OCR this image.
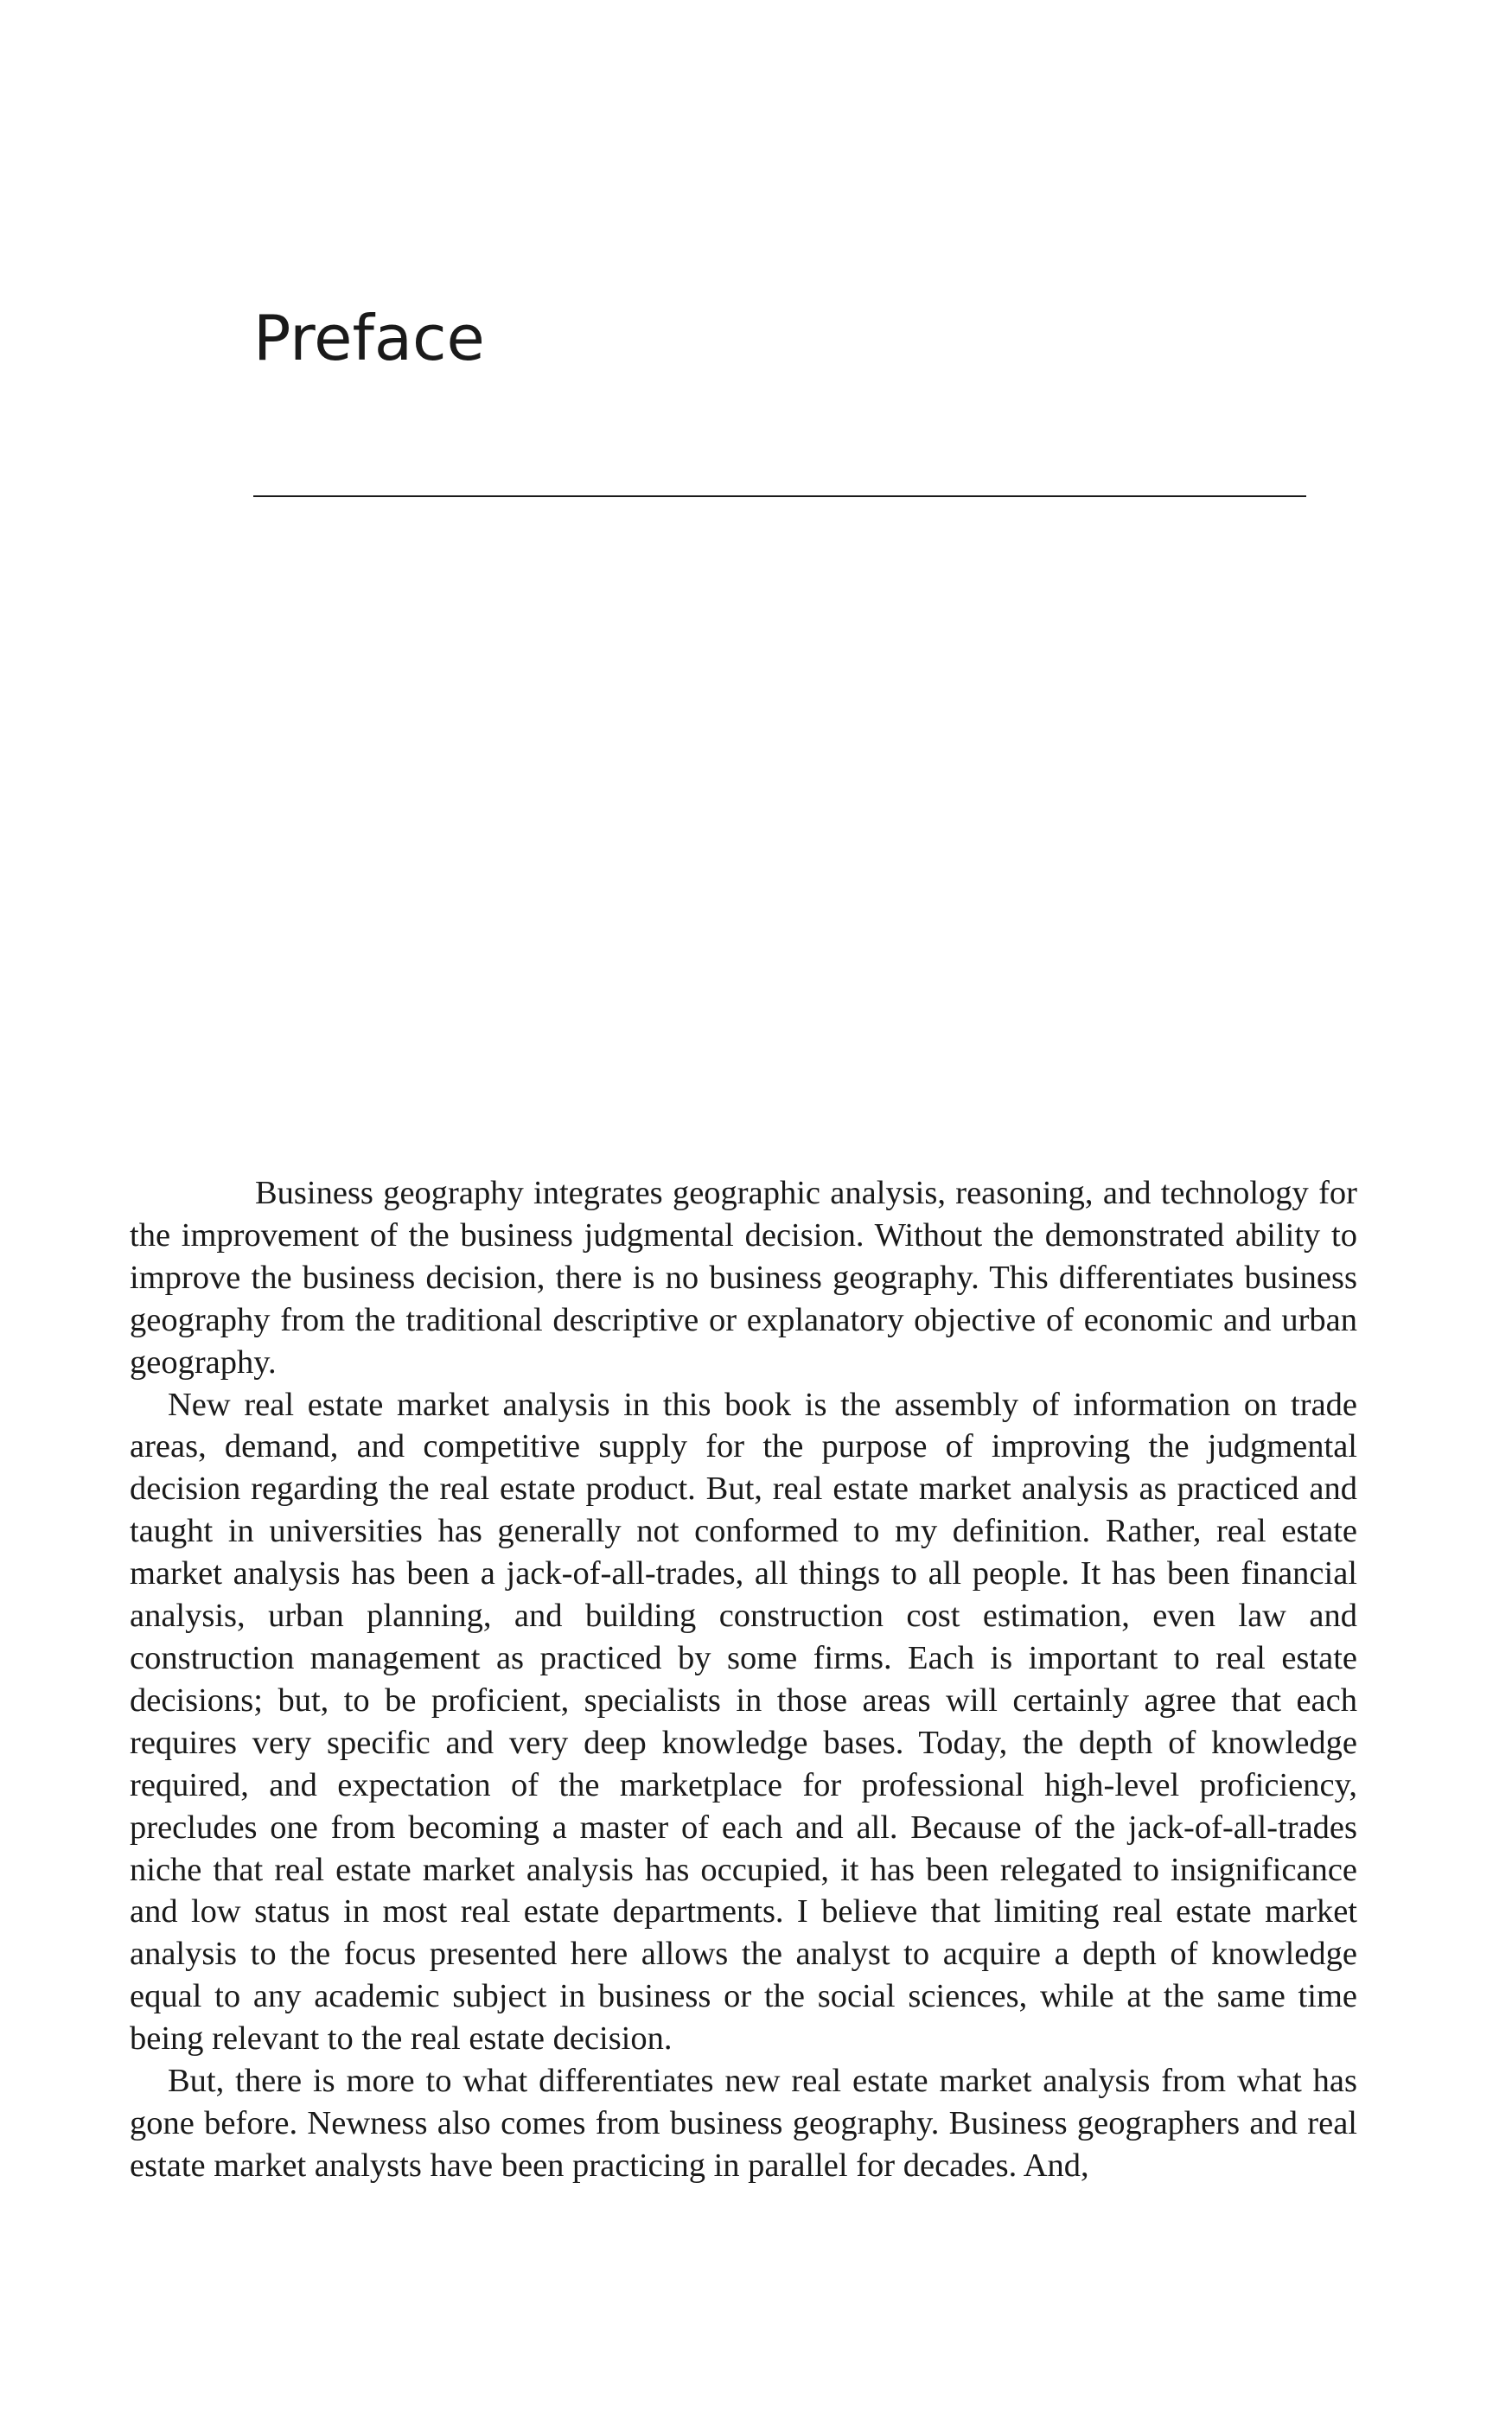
Preface

Business geography integrates geographic analysis, reasoning, and technology for the improvement of the business judgmental decision. Without the demonstrated ability to improve the business decision, there is no business geography. This differentiates business geography from the traditional descriptive or explanatory objective of economic and urban geography.

New real estate market analysis in this book is the assembly of information on trade areas, demand, and competitive supply for the purpose of improving the judgmental decision regarding the real estate product. But, real estate market analysis as practiced and taught in universities has generally not conformed to my definition. Rather, real estate market analysis has been a jack-of-all-trades, all things to all people. It has been financial analysis, urban planning, and building construction cost estimation, even law and construction management as practiced by some firms. Each is important to real estate decisions; but, to be proficient, specialists in those areas will certainly agree that each requires very specific and very deep knowledge bases. Today, the depth of knowledge required, and expectation of the marketplace for professional high-level proficiency, precludes one from becoming a master of each and all. Because of the jack-of-all-trades niche that real estate market analysis has occupied, it has been relegated to insignificance and low status in most real estate departments. I believe that limiting real estate market analysis to the focus presented here allows the analyst to acquire a depth of knowledge equal to any academic subject in business or the social sciences, while at the same time being relevant to the real estate decision.

But, there is more to what differentiates new real estate market analysis from what has gone before. Newness also comes from business geography. Business geographers and real estate market analysts have been practicing in parallel for decades. And,
